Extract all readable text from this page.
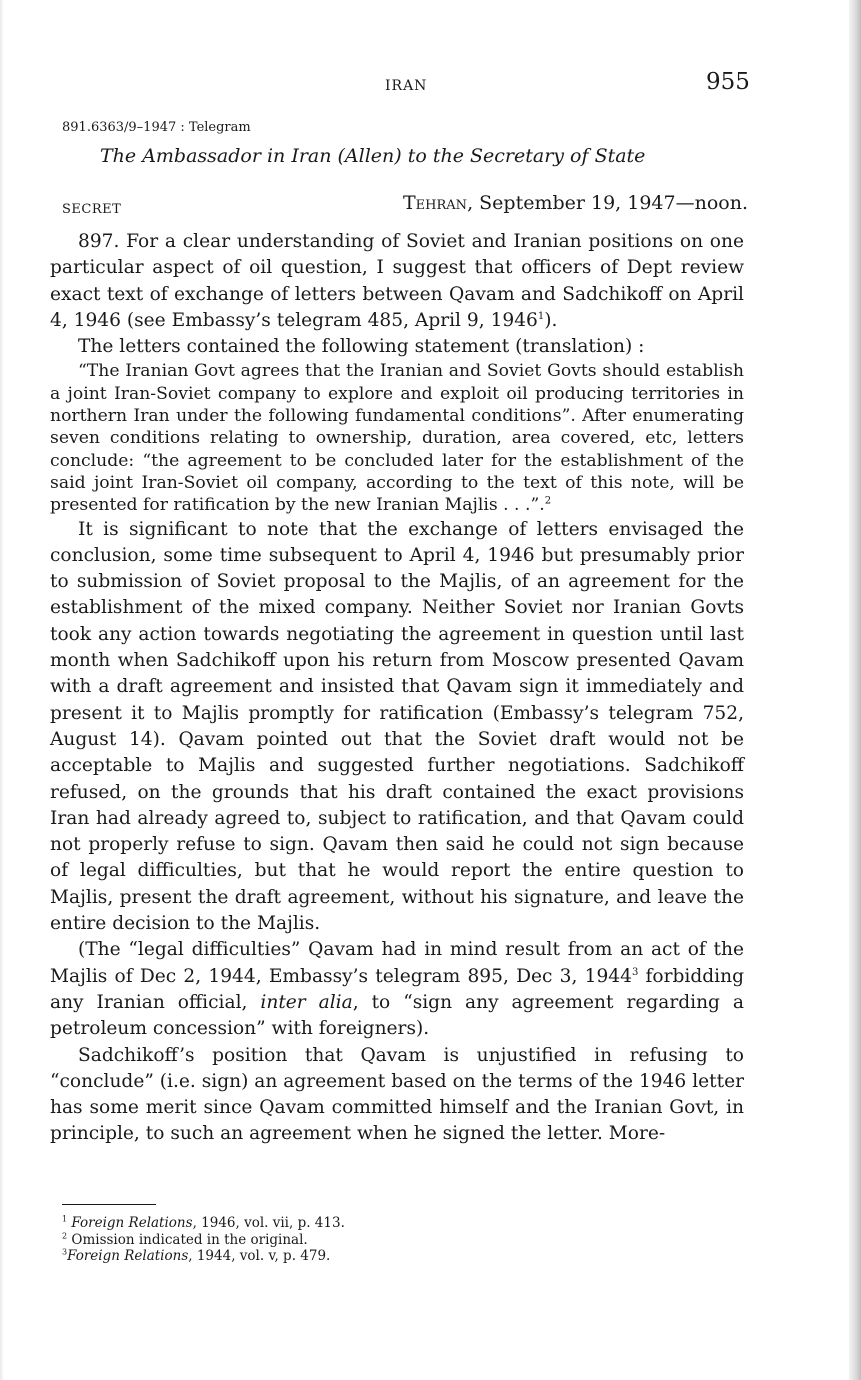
IRAN	955
891.6363/9–1947 : Telegram
The Ambassador in Iran (Allen) to the Secretary of State
SECRET	Tehran, September 19, 1947—noon.

897. For a clear understanding of Soviet and Iranian positions on one particular aspect of oil question, I suggest that officers of Dept review exact text of exchange of letters between Qavam and Sadchikoff on April 4, 1946 (see Embassy’s telegram 485, April 9, 1946$^1$).

The letters contained the following statement (translation) :

“The Iranian Govt agrees that the Iranian and Soviet Govts should establish a joint Iran-Soviet company to explore and exploit oil producing territories in northern Iran under the following fundamental conditions”. After enumerating seven conditions relating to ownership, duration, area covered, etc, letters conclude: “the agreement to be concluded later for the establishment of the said joint Iran-Soviet oil company, according to the text of this note, will be presented for ratification by the new Iranian Majlis . . .”.$^2$

It is significant to note that the exchange of letters envisaged the conclusion, some time subsequent to April 4, 1946 but presumably prior to submission of Soviet proposal to the Majlis, of an agreement for the establishment of the mixed company. Neither Soviet nor Iranian Govts took any action towards negotiating the agreement in question until last month when Sadchikoff upon his return from Moscow presented Qavam with a draft agreement and insisted that Qavam sign it immediately and present it to Majlis promptly for ratification (Embassy’s telegram 752, August 14). Qavam pointed out that the Soviet draft would not be acceptable to Majlis and suggested further negotiations. Sadchikoff refused, on the grounds that his draft contained the exact provisions Iran had already agreed to, subject to ratification, and that Qavam could not properly refuse to sign. Qavam then said he could not sign because of legal difficulties, but that he would report the entire question to Majlis, present the draft agreement, without his signature, and leave the entire decision to the Majlis.

(The “legal difficulties” Qavam had in mind result from an act of the Majlis of Dec 2, 1944, Embassy’s telegram 895, Dec 3, 1944$^3$ forbidding any Iranian official, inter alia, to “sign any agreement regarding a petroleum concession” with foreigners).

Sadchikoff’s position that Qavam is unjustified in refusing to “conclude” (i.e. sign) an agreement based on the terms of the 1946 letter has some merit since Qavam committed himself and the Iranian Govt, in principle, to such an agreement when he signed the letter. More-

$^1$ Foreign Relations, 1946, vol. vii, p. 413.
$^2$ Omission indicated in the original.
$^3$Foreign Relations, 1944, vol. v, p. 479.
